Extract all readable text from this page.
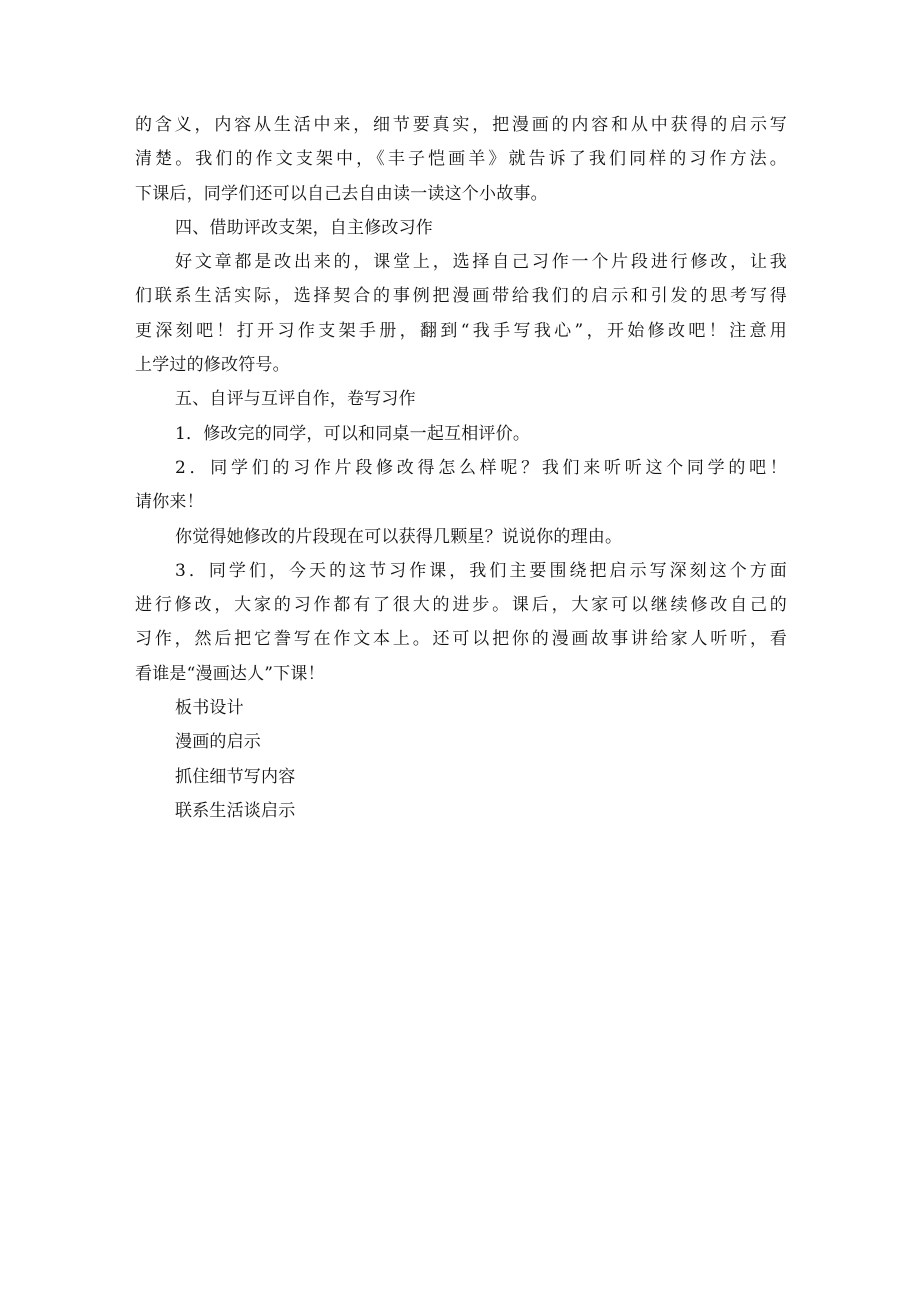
的含义，内容从生活中来，细节要真实，把漫画的内容和从中获得的启示写
清楚。我们的作文支架中，《丰子恺画羊》就告诉了我们同样的习作方法。
下课后，同学们还可以自己去自由读一读这个小故事。
四、借助评改支架，自主修改习作
好文章都是改出来的，课堂上，选择自己习作一个片段进行修改，让我
们联系生活实际，选择契合的事例把漫画带给我们的启示和引发的思考写得
更深刻吧！打开习作支架手册，翻到“我手写我心”，开始修改吧！注意用
上学过的修改符号。
五、自评与互评自作，卷写习作
1．修改完的同学，可以和同桌一起互相评价。
2．同学们的习作片段修改得怎么样呢？我们来听听这个同学的吧！
请你来！
你觉得她修改的片段现在可以获得几颗星？说说你的理由。
3．同学们，今天的这节习作课，我们主要围绕把启示写深刻这个方面
进行修改，大家的习作都有了很大的进步。课后，大家可以继续修改自己的
习作，然后把它誊写在作文本上。还可以把你的漫画故事讲给家人听听，看
看谁是“漫画达人”下课！
板书设计
漫画的启示
抓住细节写内容
联系生活谈启示
